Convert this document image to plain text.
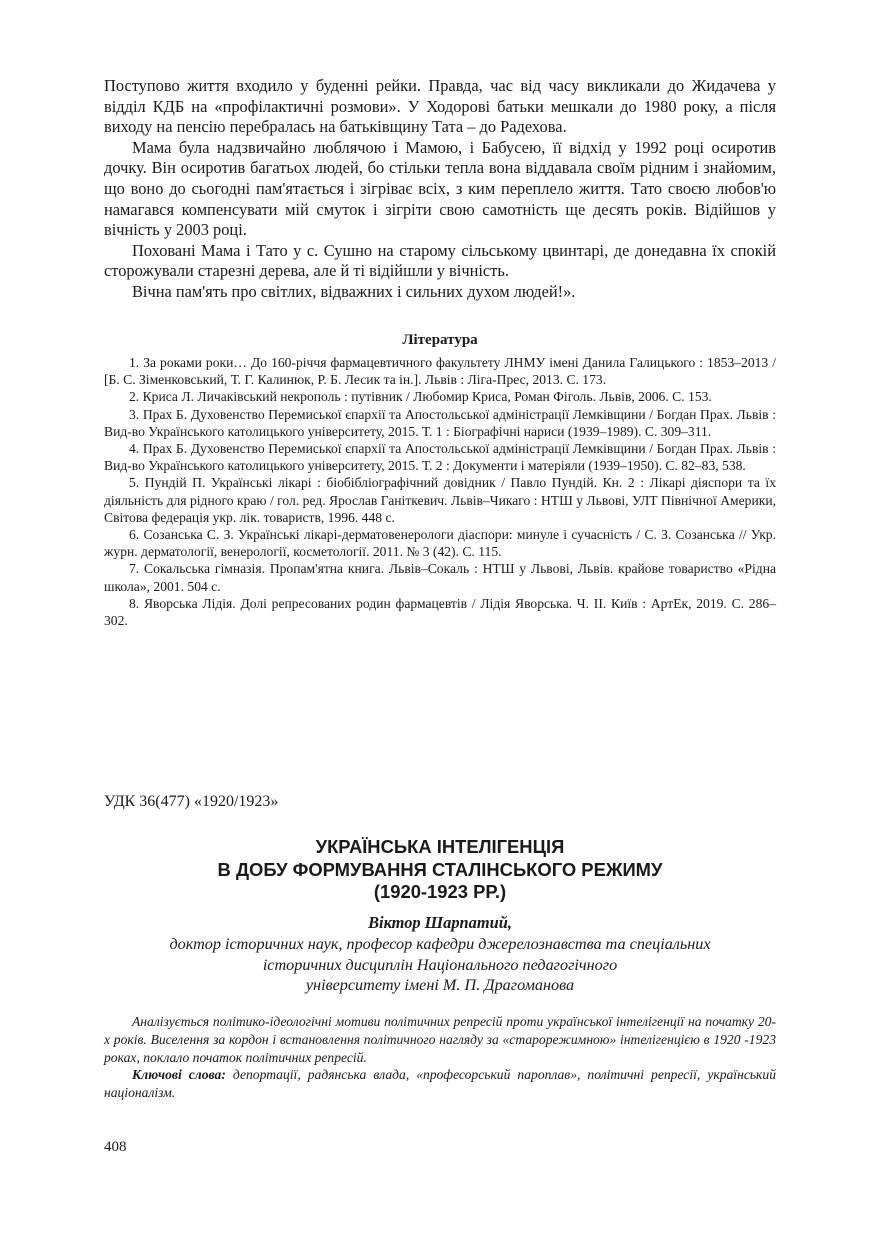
Поступово життя входило у буденні рейки. Правда, час від часу викликали до Жидачева у відділ КДБ на «профілактичні розмови». У Ходорові батьки мешкали до 1980 року, а після виходу на пенсію перебралась на батьківщину Тата – до Радехова.

Мама була надзвичайно люблячою і Мамою, і Бабусею, її відхід у 1992 році осиротив дочку. Він осиротив багатьох людей, бо стільки тепла вона віддавала своїм рідним і знайомим, що воно до сьогодні пам'ятається і зігріває всіх, з ким переплело життя. Тато своєю любов'ю намагався компенсувати мій смуток і зігріти свою самотність ще десять років. Відійшов у вічність у 2003 році.

Поховані Мама і Тато у с. Сушно на старому сільському цвинтарі, де донедавна їх спокій сторожували старезні дерева, але й ті відійшли у вічність.

Вічна пам'ять про світлих, відважних і сильних духом людей!».

Література

1. За роками роки… До 160-річчя фармацевтичного факультету ЛНМУ імені Данила Галицького : 1853–2013 / [Б. С. Зіменковський, Т. Г. Калинюк, Р. Б. Лесик та ін.]. Львів : Ліга-Прес, 2013. С. 173.

2. Криса Л. Личаківський некрополь : путівник / Любомир Криса, Роман Фіголь. Львів, 2006. С. 153.

3. Прах Б. Духовенство Перемиської єпархії та Апостольської адміністрації Лемківщини / Богдан Прах. Львів : Вид-во Українського католицького університету, 2015. Т. 1 : Біографічні нариси (1939–1989). С. 309–311.

4. Прах Б. Духовенство Перемиської єпархії та Апостольської адміністрації Лемківщини / Богдан Прах. Львів : Вид-во Українського католицького університету, 2015. Т. 2 : Документи і матеріяли (1939–1950). С. 82–83, 538.

5. Пундій П. Українські лікарі : біобібліографічний довідник / Павло Пундій. Кн. 2 : Лікарі діяспори та їх діяльність для рідного краю / гол. ред. Ярослав Ганіткевич. Львів–Чикаго : НТШ у Львові, УЛТ Північної Америки, Світова федерація укр. лік. товариств, 1996. 448 с.

6. Созанська С. З. Українські лікарі-дерматовенерологи діаспори: минуле і сучасність / С. З. Созанська // Укр. журн. дерматології, венерології, косметології. 2011. № 3 (42). С. 115.

7. Сокальська гімназія. Пропам'ятна книга. Львів–Сокаль : НТШ у Львові, Львів. крайове товариство «Рідна школа», 2001. 504 с.

8. Яворська Лідія. Долі репресованих родин фармацевтів / Лідія Яворська. Ч. II. Київ : АртЕк, 2019. С. 286–302.

УДК 36(477) «1920/1923»
УКРАЇНСЬКА ІНТЕЛІГЕНЦІЯ
В ДОБУ ФОРМУВАННЯ СТАЛІНСЬКОГО РЕЖИМУ
(1920-1923 РР.)
Віктор Шарпатий,
доктор історичних наук, професор кафедри джерелознавства та спеціальних
історичних дисциплін Національного педагогічного
університету імені М. П. Драгоманова

Аналізується політико-ідеологічні мотиви політичних репресій проти української інтелігенції на початку 20-х років. Виселення за кордон і встановлення політичного нагляду за «старорежимною» інтелігенцією в 1920 -1923 роках, поклало початок політичних репресій.

Ключові слова: депортації, радянська влада, «професорський пароплав», політичні репресії, український націоналізм.

408
